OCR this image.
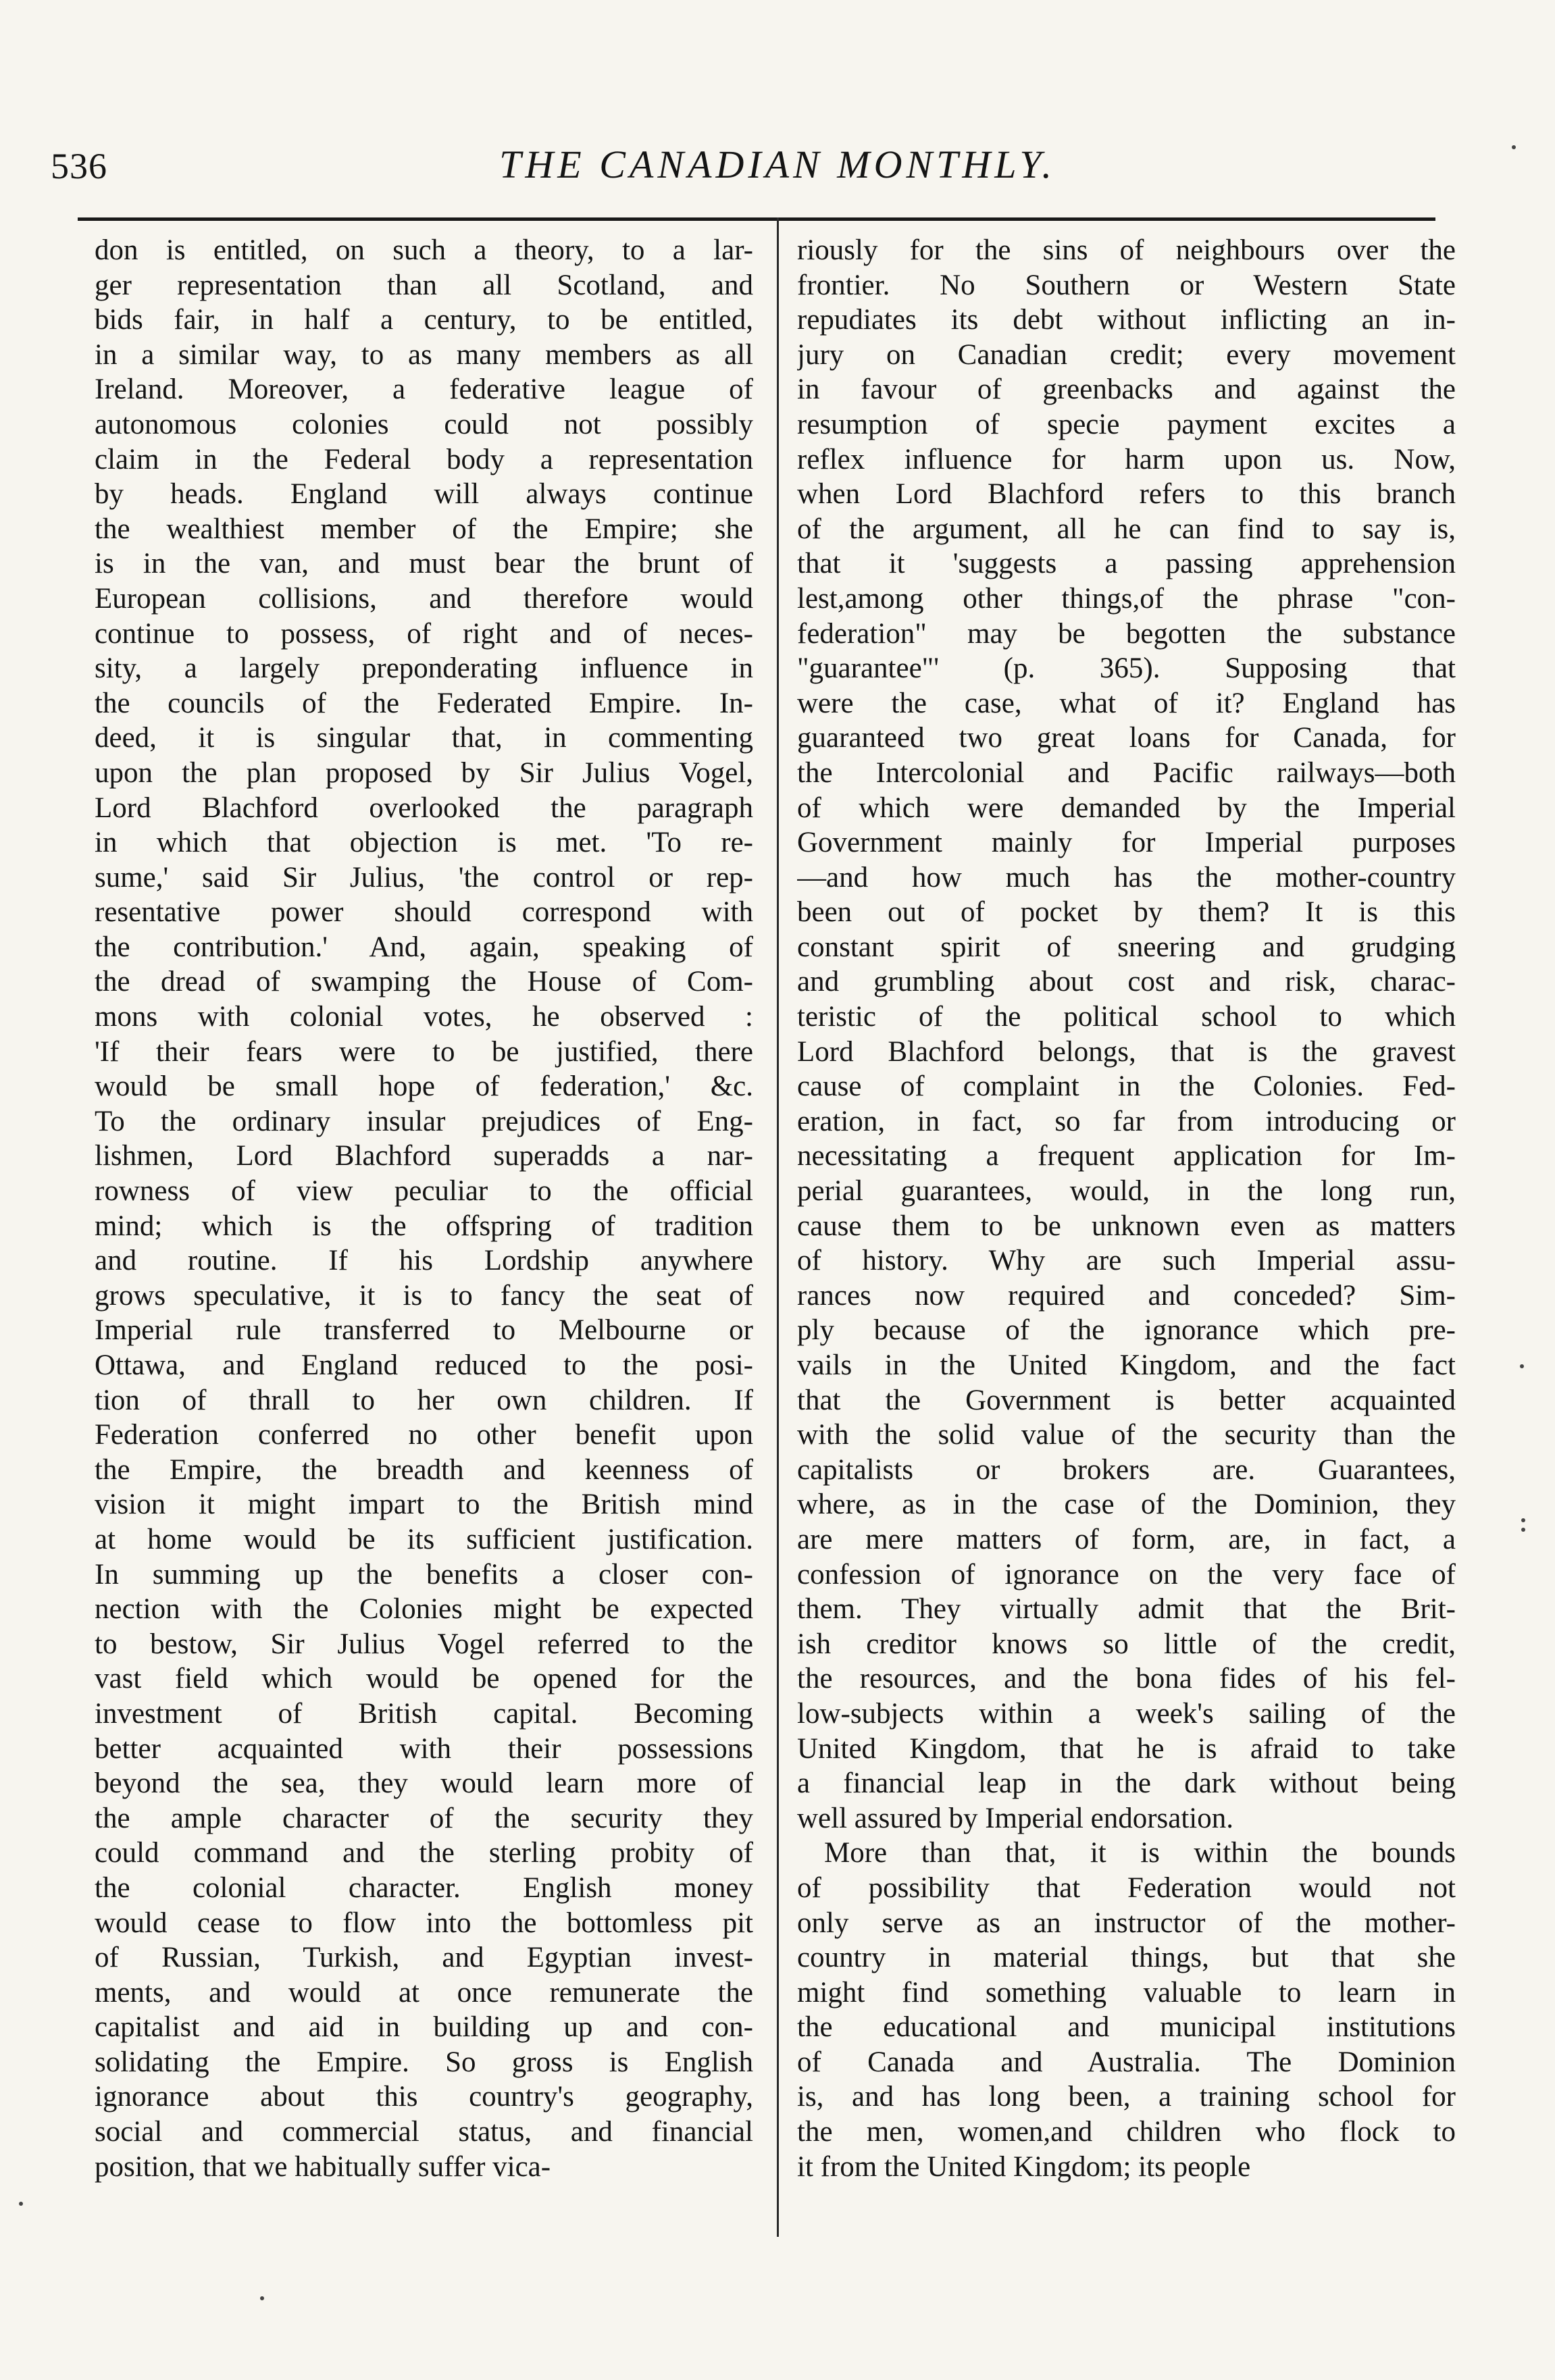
536	THE CANADIAN MONTHLY.
don is entitled, on such a theory, to a lar-
ger representation than all Scotland, and
bids fair, in half a century, to be entitled,
in a similar way, to as many members as all
Ireland. Moreover, a federative league of
autonomous colonies could not possibly
claim in the Federal body a representation
by heads. England will always continue
the wealthiest member of the Empire; she
is in the van, and must bear the brunt of
European collisions, and therefore would
continue to possess, of right and of neces-
sity, a largely preponderating influence in
the councils of the Federated Empire. In-
deed, it is singular that, in commenting
upon the plan proposed by Sir Julius Vogel,
Lord Blachford overlooked the paragraph
in which that objection is met. 'To re-
sume,' said Sir Julius, 'the control or rep-
resentative power should correspond with
the contribution.' And, again, speaking of
the dread of swamping the House of Com-
mons with colonial votes, he observed :
'If their fears were to be justified, there
would be small hope of federation,' &c.
To the ordinary insular prejudices of Eng-
lishmen, Lord Blachford superadds a nar-
rowness of view peculiar to the official
mind; which is the offspring of tradition
and routine. If his Lordship anywhere
grows speculative, it is to fancy the seat of
Imperial rule transferred to Melbourne or
Ottawa, and England reduced to the posi-
tion of thrall to her own children. If
Federation conferred no other benefit upon
the Empire, the breadth and keenness of
vision it might impart to the British mind
at home would be its sufficient justification.
In summing up the benefits a closer con-
nection with the Colonies might be expected
to bestow, Sir Julius Vogel referred to the
vast field which would be opened for the
investment of British capital. Becoming
better acquainted with their possessions
beyond the sea, they would learn more of
the ample character of the security they
could command and the sterling probity of
the colonial character. English money
would cease to flow into the bottomless pit
of Russian, Turkish, and Egyptian invest-
ments, and would at once remunerate the
capitalist and aid in building up and con-
solidating the Empire. So gross is English
ignorance about this country's geography,
social and commercial status, and financial
position, that we habitually suffer vica-
riously for the sins of neighbours over the
frontier. No Southern or Western State
repudiates its debt without inflicting an in-
jury on Canadian credit; every movement
in favour of greenbacks and against the
resumption of specie payment excites a
reflex influence for harm upon us. Now,
when Lord Blachford refers to this branch
of the argument, all he can find to say is,
that it 'suggests a passing apprehension
lest,among other things,of the phrase "con-
federation" may be begotten the substance
"guarantee"' (p. 365). Supposing that
were the case, what of it? England has
guaranteed two great loans for Canada, for
the Intercolonial and Pacific railways—both
of which were demanded by the Imperial
Government mainly for Imperial purposes
—and how much has the mother-country
been out of pocket by them? It is this
constant spirit of sneering and grudging
and grumbling about cost and risk, charac-
teristic of the political school to which
Lord Blachford belongs, that is the gravest
cause of complaint in the Colonies. Fed-
eration, in fact, so far from introducing or
necessitating a frequent application for Im-
perial guarantees, would, in the long run,
cause them to be unknown even as matters
of history. Why are such Imperial assu-
rances now required and conceded? Sim-
ply because of the ignorance which pre-
vails in the United Kingdom, and the fact
that the Government is better acquainted
with the solid value of the security than the
capitalists or brokers are. Guarantees,
where, as in the case of the Dominion, they
are mere matters of form, are, in fact, a
confession of ignorance on the very face of
them. They virtually admit that the Brit-
ish creditor knows so little of the credit,
the resources, and the bona fides of his fel-
low-subjects within a week's sailing of the
United Kingdom, that he is afraid to take
a financial leap in the dark without being
well assured by Imperial endorsation.
More than that, it is within the bounds
of possibility that Federation would not
only serve as an instructor of the mother-
country in material things, but that she
might find something valuable to learn in
the educational and municipal institutions
of Canada and Australia. The Dominion
is, and has long been, a training school for
the men, women,and children who flock to
it from the United Kingdom; its people
